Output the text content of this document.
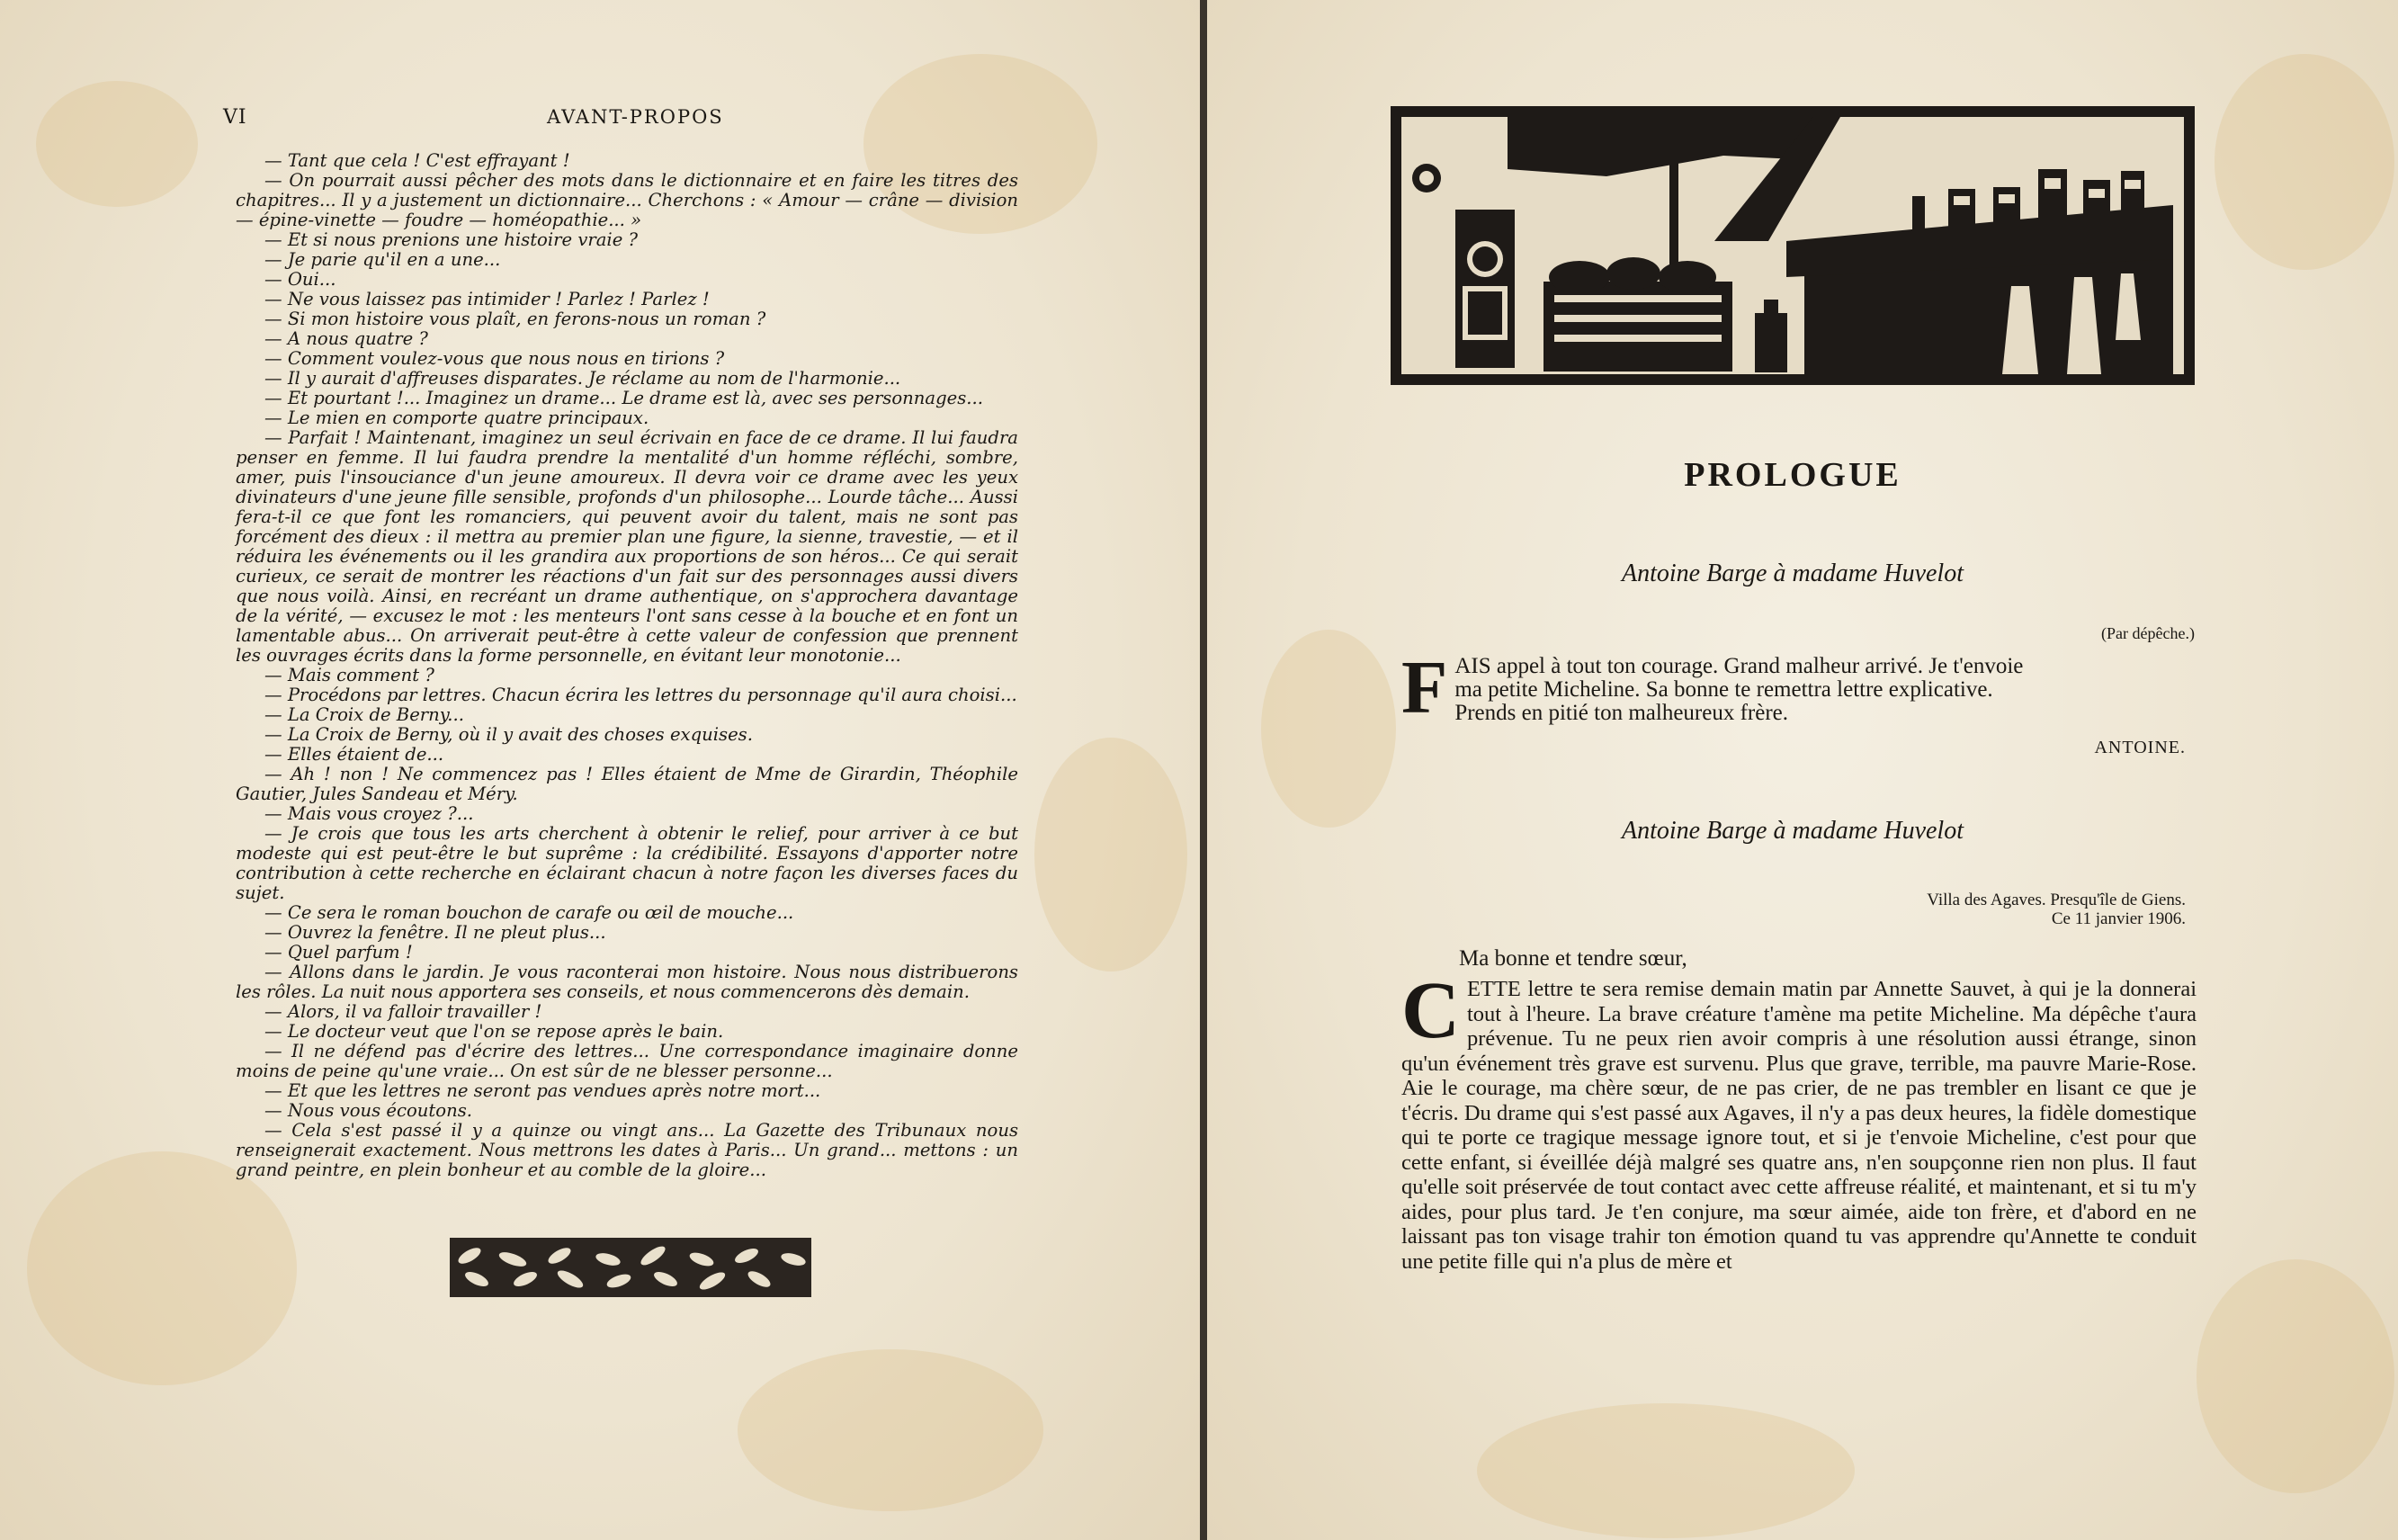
VI	AVANT-PROPOS

— Tant que cela ! C'est effrayant !

— On pourrait aussi pêcher des mots dans le dictionnaire et en faire les titres des chapitres... Il y a justement un dictionnaire... Cherchons : « Amour — crâne — division — épine-vinette — foudre — homéopathie... »

— Et si nous prenions une histoire vraie ?

— Je parie qu'il en a une...

— Oui...

— Ne vous laissez pas intimider ! Parlez ! Parlez !

— Si mon histoire vous plaît, en ferons-nous un roman ?

— A nous quatre ?

— Comment voulez-vous que nous nous en tirions ?

— Il y aurait d'affreuses disparates. Je réclame au nom de l'harmonie...

— Et pourtant !... Imaginez un drame... Le drame est là, avec ses personnages...

— Le mien en comporte quatre principaux.

— Parfait ! Maintenant, imaginez un seul écrivain en face de ce drame. Il lui faudra penser en femme. Il lui faudra prendre la mentalité d'un homme réfléchi, sombre, amer, puis l'insouciance d'un jeune amoureux. Il devra voir ce drame avec les yeux divinateurs d'une jeune fille sensible, profonds d'un philosophe... Lourde tâche... Aussi fera-t-il ce que font les romanciers, qui peuvent avoir du talent, mais ne sont pas forcément des dieux : il mettra au premier plan une figure, la sienne, travestie, — et il réduira les événements ou il les grandira aux proportions de son héros... Ce qui serait curieux, ce serait de montrer les réactions d'un fait sur des personnages aussi divers que nous voilà. Ainsi, en recréant un drame authentique, on s'approchera davantage de la vérité, — excusez le mot : les menteurs l'ont sans cesse à la bouche et en font un lamentable abus... On arriverait peut-être à cette valeur de confession que prennent les ouvrages écrits dans la forme personnelle, en évitant leur monotonie...

— Mais comment ?

— Procédons par lettres. Chacun écrira les lettres du personnage qu'il aura choisi...

— La Croix de Berny...

— La Croix de Berny, où il y avait des choses exquises.

— Elles étaient de...

— Ah ! non ! Ne commencez pas ! Elles étaient de Mme de Girardin, Théophile Gautier, Jules Sandeau et Méry.

— Mais vous croyez ?...

— Je crois que tous les arts cherchent à obtenir le relief, pour arriver à ce but modeste qui est peut-être le but suprême : la crédibilité. Essayons d'apporter notre contribution à cette recherche en éclairant chacun à notre façon les diverses faces du sujet.

— Ce sera le roman bouchon de carafe ou œil de mouche...

— Ouvrez la fenêtre. Il ne pleut plus...

— Quel parfum !

— Allons dans le jardin. Je vous raconterai mon histoire. Nous nous distribuerons les rôles. La nuit nous apportera ses conseils, et nous commencerons dès demain.

— Alors, il va falloir travailler !

— Le docteur veut que l'on se repose après le bain.

— Il ne défend pas d'écrire des lettres... Une correspondance imaginaire donne moins de peine qu'une vraie... On est sûr de ne blesser personne...

— Et que les lettres ne seront pas vendues après notre mort...

— Nous vous écoutons.

— Cela s'est passé il y a quinze ou vingt ans... La Gazette des Tribunaux nous renseignerait exactement. Nous mettrons les dates à Paris... Un grand... mettons : un grand peintre, en plein bonheur et au comble de la gloire...

PROLOGUE
Antoine Barge à madame Huvelot
(Par dépêche.)
F AIS appel à tout ton courage. Grand malheur arrivé. Je t'envoie
ma petite Micheline. Sa bonne te remettra lettre explicative.
Prends en pitié ton malheureux frère.
ANTOINE.
Antoine Barge à madame Huvelot
Villa des Agaves. Presqu'île de Giens.
Ce 11 janvier 1906.
Ma bonne et tendre sœur,
CETTE lettre te sera remise demain matin par Annette Sauvet, à qui je la donnerai tout à l'heure. La brave créature t'amène ma petite Micheline. Ma dépêche t'aura prévenue. Tu ne peux rien avoir compris à une résolution aussi étrange, sinon qu'un événement très grave est survenu. Plus que grave, terrible, ma pauvre Marie-Rose. Aie le courage, ma chère sœur, de ne pas crier, de ne pas trembler en lisant ce que je t'écris. Du drame qui s'est passé aux Agaves, il n'y a pas deux heures, la fidèle domestique qui te porte ce tragique message ignore tout, et si je t'envoie Micheline, c'est pour que cette enfant, si éveillée déjà malgré ses quatre ans, n'en soupçonne rien non plus. Il faut qu'elle soit préservée de tout contact avec cette affreuse réalité, et maintenant, et si tu m'y aides, pour plus tard. Je t'en conjure, ma sœur aimée, aide ton frère, et d'abord en ne laissant pas ton visage trahir ton émotion quand tu vas apprendre qu'Annette te conduit une petite fille qui n'a plus de mère et
